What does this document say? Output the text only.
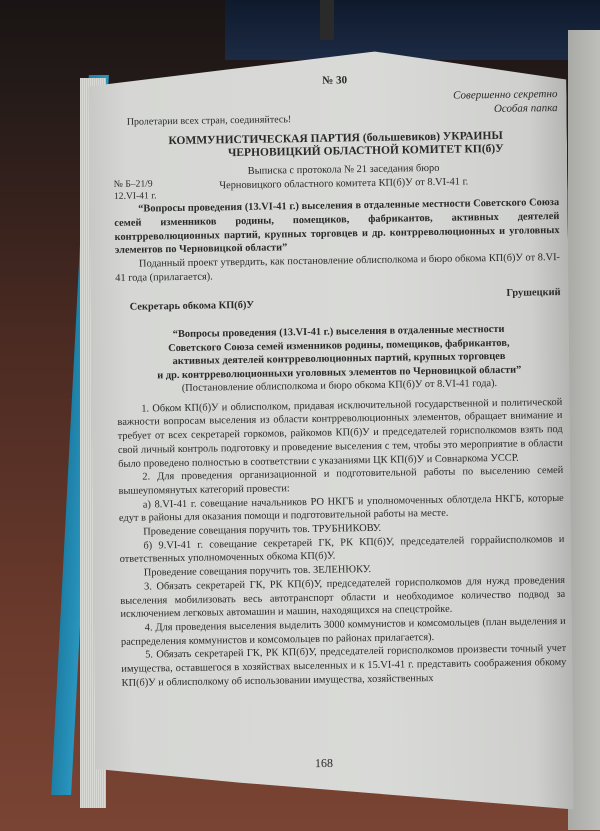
№ 30
Совершенно секретно
Особая папка
Пролетарии всех стран, соединяйтесь!
КОММУНИСТИЧЕСКАЯ ПАРТИЯ (большевиков) УКРАИНЫ
ЧЕРНОВИЦКИЙ ОБЛАСТНОЙ КОМИТЕТ КП(б)У
№ Б–21/9
12.VI-41 г.
Выписка с протокола № 21 заседания бюро
Черновицкого областного комитета КП(б)У от 8.VI-41 г.
“Вопросы проведения (13.VI-41 г.) выселения в отдаленные местности Советского Союза семей изменников родины, помещиков, фабрикантов, активных деятелей контрреволюционных партий, крупных торговцев и др. контрреволюционных и уголовных элементов по Черновицкой области”
Поданный проект утвердить, как постановление облисполкома и бюро обкома КП(б)У от 8.VI-41 года (прилагается).
Секретарь обкома КП(б)У
Грушецкий
“Вопросы проведения (13.VI-41 г.) выселения в отдаленные местности
Советского Союза семей изменников родины, помещиков, фабрикантов,
активных деятелей контрреволюционных партий, крупных торговцев
и др. контрреволюционныхи уголовных элементов по Черновицкой области”
(Постановление облисполкома и бюро обкома КП(б)У от 8.VI-41 года).
1. Обком КП(б)У и облисполком, придавая исключительной государственной и политической важности вопросам выселения из области контрреволюционных элементов, обращает внимание и требует от всех секретарей горкомов, райкомов КП(б)У и председателей горисполкомов взять под свой личный контроль подготовку и проведение выселения с тем, чтобы это мероприятие в области было проведено полностью в соответствии с указаниями ЦК КП(б)У и Совнаркома УССР.
2. Для проведения организационной и подготовительной работы по выселению семей вышеупомянутых категорий провести:
а) 8.VI-41 г. совещание начальников РО НКГБ и уполномоченных облотдела НКГБ, которые едут в районы для оказания помощи и подготовительной работы на месте.
Проведение совещания поручить тов. ТРУБНИКОВУ.
б) 9.VI-41 г. совещание секретарей ГК, РК КП(б)У, председателей горрайисполкомов и ответственных уполномоченных обкома КП(б)У.
Проведение совещания поручить тов. ЗЕЛЕНЮКУ.
3. Обязать секретарей ГК, РК КП(б)У, председателей горисполкомов для нужд проведения выселения мобилизовать весь автотранспорт области и необходимое количество подвод за исключением легковых автомашин и машин, находящихся на спецстройке.
4. Для проведения выселения выделить 3000 коммунистов и комсомольцев (план выделения и распределения коммунистов и комсомольцев по районах прилагается).
5. Обязать секретарей ГК, РК КП(б)У, председателей горисполкомов произвести точный учет имущества, оставшегося в хозяйствах выселенных и к 15.VI-41 г. представить соображения обкому КП(б)У и облисполкому об использовании имущества, хозяйственных
168
